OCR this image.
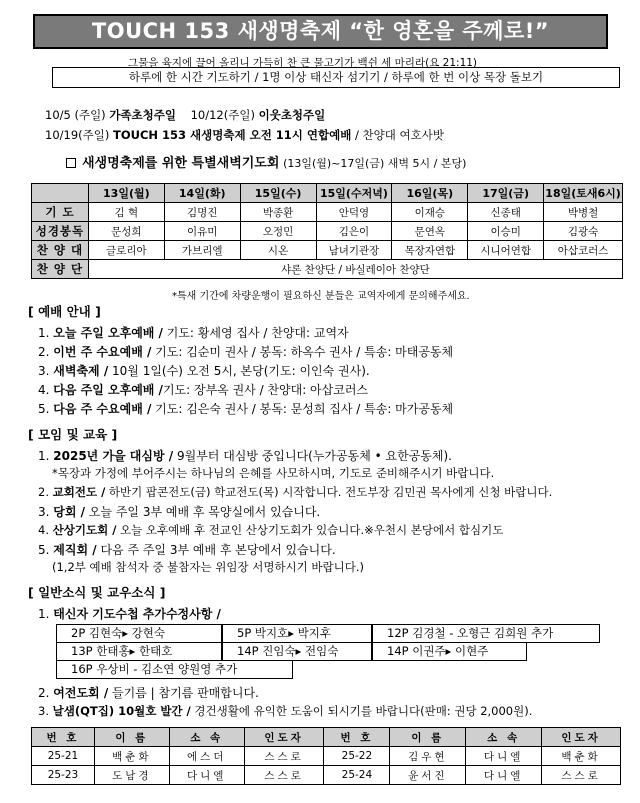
TOUCH 153 새생명축제 “한 영혼을 주께로!”
그물을 육지에 끌어 올리니 가득히 찬 큰 물고기가 백쉰 세 마리라(요 21:11)
하루에 한 시간 기도하기 / 1명 이상 태신자 섬기기 / 하루에 한 번 이상 목장 돌보기
10/5 (주일) 가족초청주일 10/12(주일) 이웃초청주일
10/19(주일) TOUCH 153 새생명축제 오전 11시 연합예배 / 찬양대 여호사밧
새생명축제를 위한 특별새벽기도회 (13일(월)~17일(금) 새벽 5시 / 본당)
	13일(월)	14일(화)	15일(수)	15일(수저녁)	16일(목)	17일(금)	18일(토새6시)
기 도	김 혁	김명진	박종환	안덕영	이재승	신종태	박병철
성경봉독	문성희	이유미	오정민	김은이	문연옥	이승미	김광숙
찬 양 대	글로리아	가브리엘	시온	남녀기관장	목장자연합	시니어연합	아삽코러스
찬 양 단	샤론 찬양단 / 바실레이아 찬양단						
*특새 기간에 차량운행이 필요하신 분들은 교역자에게 문의해주세요.
[ 예배 안내 ]
1. 오늘 주일 오후예배 / 기도: 황세영 집사 / 찬양대: 교역자
2. 이번 주 수요예배 / 기도: 김순미 권사 / 봉독: 하옥수 권사 / 특송: 마태공동체
3. 새벽축제 / 10월 1일(수) 오전 5시, 본당(기도: 이인숙 권사).
4. 다음 주일 오후예배 /기도: 장부옥 권사 / 찬양대: 아삽코러스
5. 다음 주 수요예배 / 기도: 김은숙 권사 / 봉독: 문성희 집사 / 특송: 마가공동체
[ 모임 및 교육 ]
1. 2025년 가을 대심방 / 9월부터 대심방 중입니다(누가공동체 • 요한공동체).
*목장과 가정에 부어주시는 하나님의 은혜를 사모하시며, 기도로 준비해주시기 바랍니다.
2. 교회전도 / 하반기 팝콘전도(금) 학교전도(목) 시작합니다. 전도부장 김민권 목사에게 신청 바랍니다.
3. 당회 / 오늘 주일 3부 예배 후 목양실에서 있습니다.
4. 산상기도회 / 오늘 오후예배 후 전교인 산상기도회가 있습니다.※우천시 본당에서 합심기도
5. 제직회 / 다음 주 주일 3부 예배 후 본당에서 있습니다.
(1,2부 예배 참석자 중 불참자는 위임장 서명하시기 바랍니다.)
[ 일반소식 및 교우소식 ]
1. 태신자 기도수첩 추가수정사항 /
2P 김현숙▸ 강현숙	5P 박지호▸ 박지후	12P 김경철 - 오형근 김희원 추가
13P 한태홍▸ 한태호	14P 진임숙▸ 전임숙	14P 이권주▸ 이현주
16P 우상비 - 김소연 양원영 추가
2. 여전도회 / 들기름 | 참기름 판매합니다.
3. 날샘(QT집) 10월호 발간 / 경건생활에 유익한 도움이 되시기를 바랍니다(판매: 권당 2,000원).
번 호	이 름	소 속	인도자	번 호	이 름	소 속	인도자
25-21	백춘화	에스더	스스로	25-22	김우현	다니엘	백춘화
25-23	도남경	다니엘	스스로	25-24	윤서진	다니엘	스스로
